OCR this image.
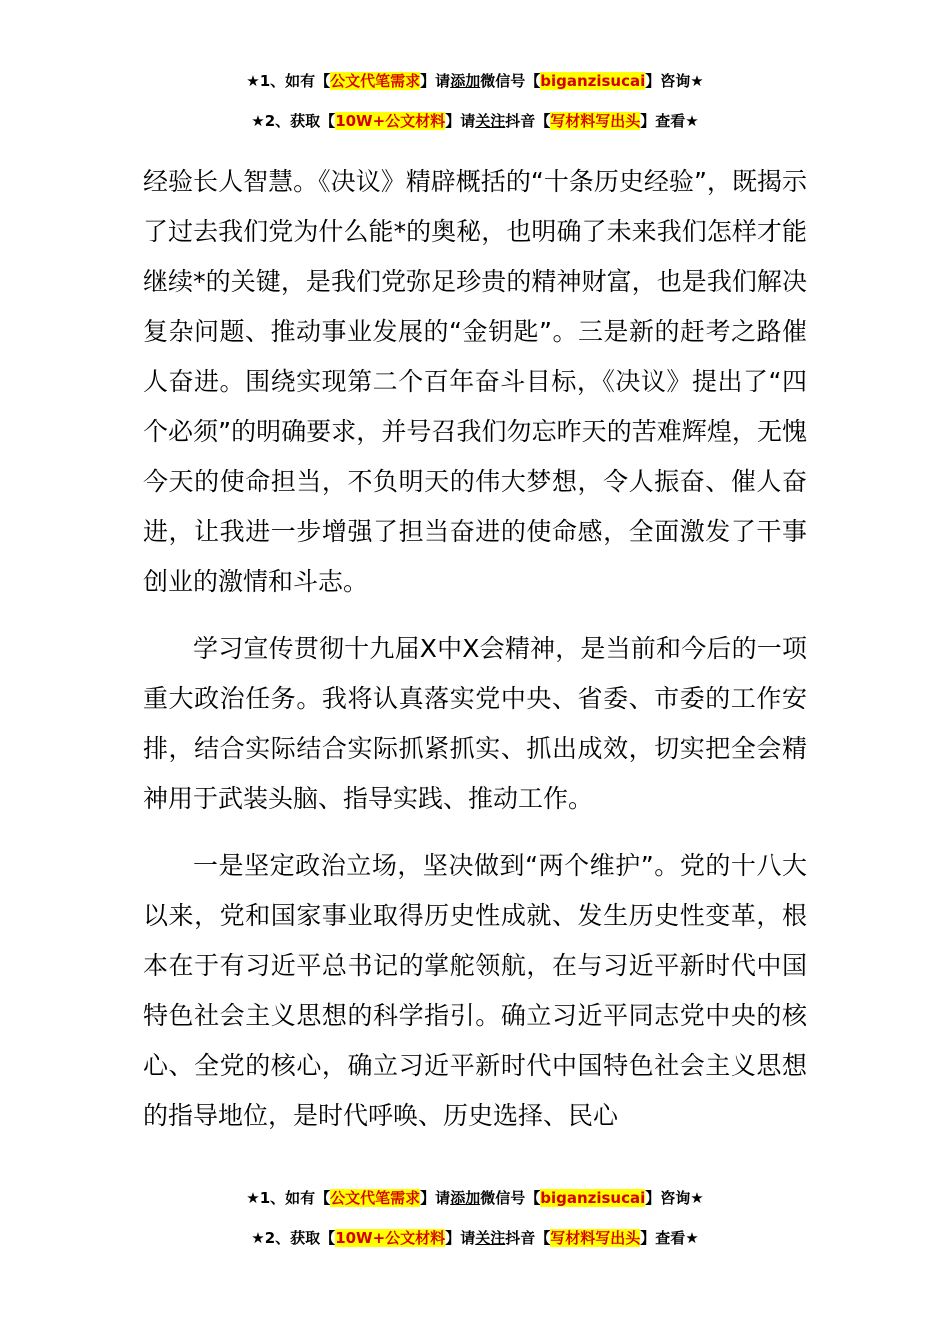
★1、如有【公文代笔需求】请添加微信号【biganzisucai】咨询★
★2、获取【10W+公文材料】请关注抖音【写材料写出头】查看★

经验长人智慧。《决议》精辟概括的“十条历史经验”，既揭示了过去我们党为什么能*的奥秘，也明确了未来我们怎样才能继续*的关键，是我们党弥足珍贵的精神财富，也是我们解决复杂问题、推动事业发展的“金钥匙”。三是新的赶考之路催人奋进。围绕实现第二个百年奋斗目标，《决议》提出了“四个必须”的明确要求，并号召我们勿忘昨天的苦难辉煌，无愧今天的使命担当，不负明天的伟大梦想，令人振奋、催人奋进，让我进一步增强了担当奋进的使命感，全面激发了干事创业的激情和斗志。

学习宣传贯彻十九届X中X会精神，是当前和今后的一项重大政治任务。我将认真落实党中央、省委、市委的工作安排，结合实际结合实际抓紧抓实、抓出成效，切实把全会精神用于武装头脑、指导实践、推动工作。

一是坚定政治立场，坚决做到“两个维护”。党的十八大以来，党和国家事业取得历史性成就、发生历史性变革，根本在于有习近平总书记的掌舵领航，在与习近平新时代中国特色社会主义思想的科学指引。确立习近平同志党中央的核心、全党的核心，确立习近平新时代中国特色社会主义思想的指导地位，是时代呼唤、历史选择、民心

★1、如有【公文代笔需求】请添加微信号【biganzisucai】咨询★
★2、获取【10W+公文材料】请关注抖音【写材料写出头】查看★
